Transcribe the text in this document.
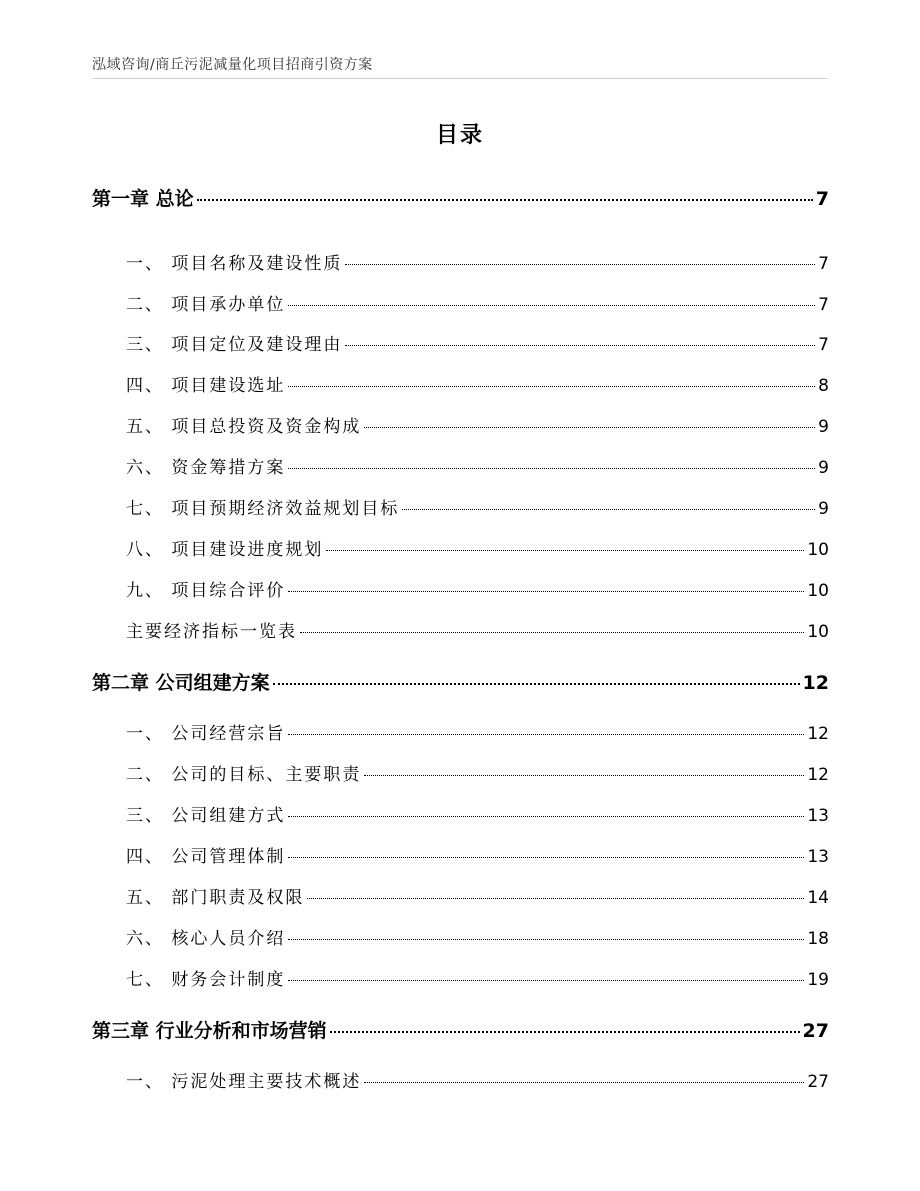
泓域咨询/商丘污泥减量化项目招商引资方案
目录
第一章 总论	7
一、 项目名称及建设性质	7
二、 项目承办单位	7
三、 项目定位及建设理由	7
四、 项目建设选址	8
五、 项目总投资及资金构成	9
六、 资金筹措方案	9
七、 项目预期经济效益规划目标	9
八、 项目建设进度规划	10
九、 项目综合评价	10
主要经济指标一览表	10
第二章 公司组建方案	12
一、 公司经营宗旨	12
二、 公司的目标、主要职责	12
三、 公司组建方式	13
四、 公司管理体制	13
五、 部门职责及权限	14
六、 核心人员介绍	18
七、 财务会计制度	19
第三章 行业分析和市场营销	27
一、 污泥处理主要技术概述	27
